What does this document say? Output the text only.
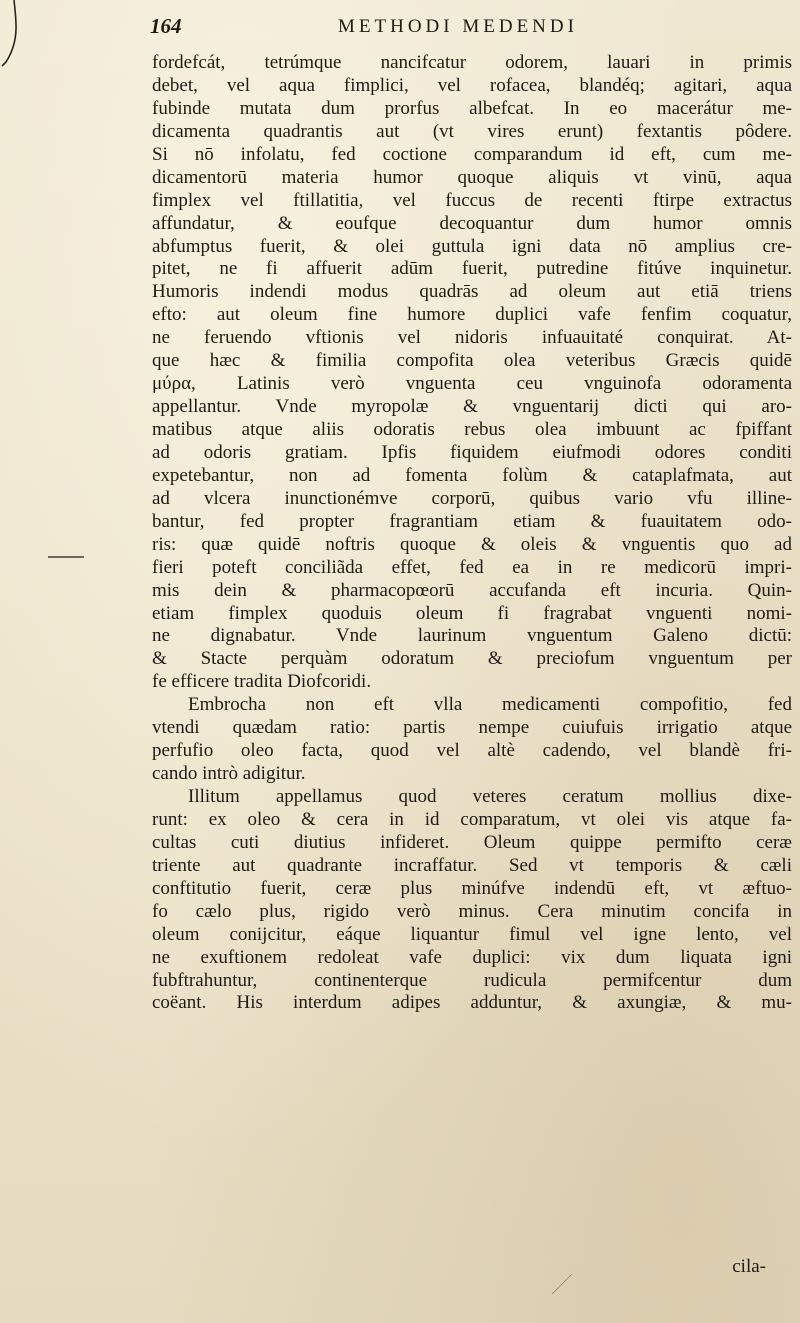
164	METHODI MEDENDI
fordefcát, tetrúmque nancifcatur odorem, lauari in primis
debet, vel aqua fimplici, vel rofacea, blandéq; agitari, aqua
fubinde mutata dum prorfus albefcat. In eo macerátur me-
dicamenta quadrantis aut (vt vires erunt) fextantis pôdere.
Si nō infolatu, fed coctione comparandum id eft, cum me-
dicamentorū materia humor quoque aliquis vt vinū, aqua
fimplex vel ftillatitia, vel fuccus de recenti ftirpe extractus
affundatur, & eoufque decoquantur dum humor omnis
abfumptus fuerit, & olei guttula igni data nō amplius cre-
pitet, ne fi affuerit adūm fuerit, putredine fitúve inquinetur.
Humoris indendi modus quadrās ad oleum aut etiā triens
efto: aut oleum fine humore duplici vafe fenfim coquatur,
ne feruendo vftionis vel nidoris infuauitaté conquirat. At-
que hæc & fimilia compofita olea veteribus Græcis quidē
μύρα, Latinis verò vnguenta ceu vnguinofa odoramenta
appellantur. Vnde myropolæ & vnguentarij dicti qui aro-
matibus atque aliis odoratis rebus olea imbuunt ac fpiffant
ad odoris gratiam. Ipfis fiquidem eiufmodi odores conditi
expetebantur, non ad fomenta folùm & cataplafmata, aut
ad vlcera inunctionémve corporū, quibus vario vfu illine-
bantur, fed propter fragrantiam etiam & fuauitatem odo-
ris: quæ quidē noftris quoque & oleis & vnguentis quo ad
fieri poteft conciliãda effet, fed ea in re medicorū impri-
mis dein & pharmacopœorū accufanda eft incuria. Quin-
etiam fimplex quoduis oleum fi fragrabat vnguenti nomi-
ne dignabatur. Vnde laurinum vnguentum Galeno dictū:
& Stacte perquàm odoratum & preciofum vnguentum per
fe efficere tradita Diofcoridi.
Embrocha non eft vlla medicamenti compofitio, fed
vtendi quædam ratio: partis nempe cuiufuis irrigatio atque
perfufio oleo facta, quod vel altè cadendo, vel blandè fri-
cando intrò adigitur.
Illitum appellamus quod veteres ceratum mollius dixe-
runt: ex oleo & cera in id comparatum, vt olei vis atque fa-
cultas cuti diutius infideret. Oleum quippe permifto ceræ
triente aut quadrante incraffatur. Sed vt temporis & cæli
conftitutio fuerit, ceræ plus minúfve indendū eft, vt æftuo-
fo cælo plus, rigido verò minus. Cera minutim concifa in
oleum conijcitur, eáque liquantur fimul vel igne lento, vel
ne exuftionem redoleat vafe duplici: vix dum liquata igni
fubftrahuntur, continenterque rudicula permifcentur dum
coëant. His interdum adipes adduntur, & axungiæ, & mu-
cila-
